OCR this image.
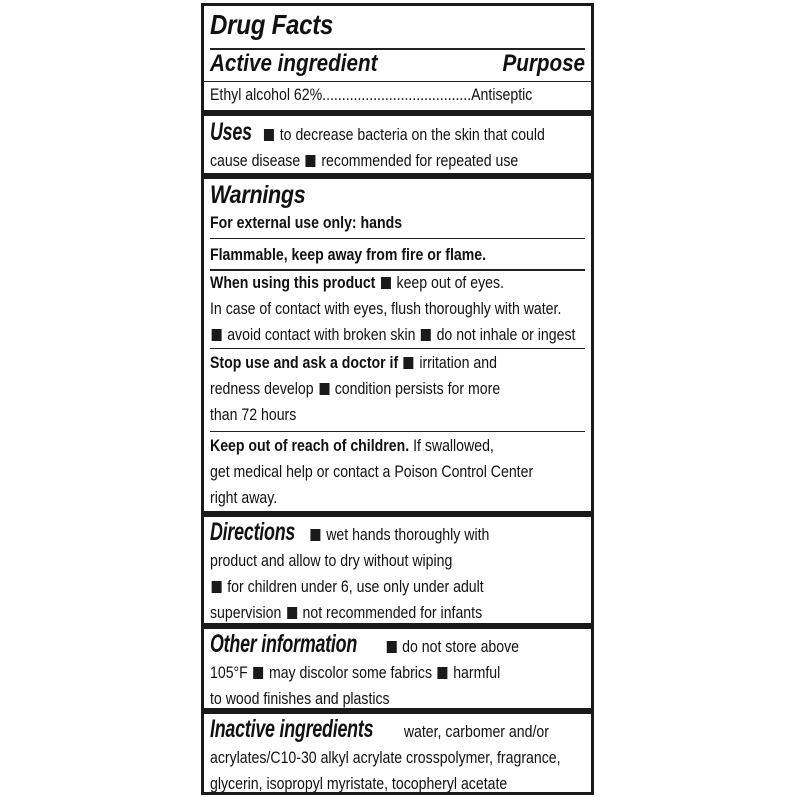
Drug Facts
Active ingredient	Purpose
Ethyl alcohol 62%......................................Antiseptic
Uses to decrease bacteria on the skin that could
cause disease recommended for repeated use
Warnings
For external use only: hands
Flammable, keep away from fire or flame.
When using this product keep out of eyes.
In case of contact with eyes, flush thoroughly with water.
avoid contact with broken skin do not inhale or ingest
Stop use and ask a doctor if irritation and
redness develop condition persists for more
than 72 hours
Keep out of reach of children. If swallowed,
get medical help or contact a Poison Control Center
right away.
Directions wet hands thoroughly with
product and allow to dry without wiping
for children under 6, use only under adult
supervision not recommended for infants
Other information	do not store above
105°F may discolor some fabrics harmful
to wood finishes and plastics
Inactive ingredients water, carbomer and/or
acrylates/C10-30 alkyl acrylate crosspolymer, fragrance,
glycerin, isopropyl myristate, tocopheryl acetate
